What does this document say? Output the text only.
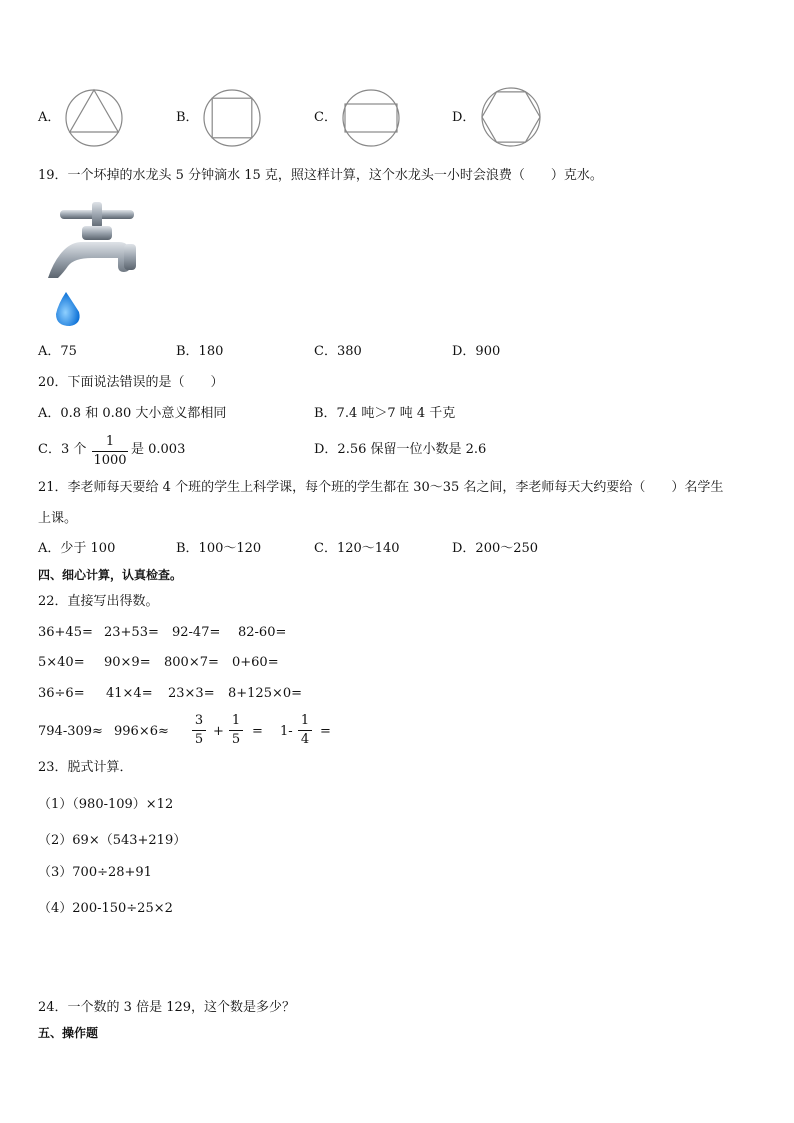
A．	B．	C．	D．
19．一个坏掉的水龙头 5 分钟滴水 15 克，照这样计算，这个水龙头一小时会浪费（　　）克水。
A．75	B．180	C．380	D．900
20．下面说法错误的是（　　）
A．0.8 和 0.80 大小意义都相同	B．7.4 吨＞7 吨 4 千克
C．3 个
1
1000
是 0.003	D．2.56 保留一位小数是 2.6
21．李老师每天要给 4 个班的学生上科学课，每个班的学生都在 30～35 名之间，李老师每天大约要给（　　）名学生
上课。
A．少于 100	B．100～120	C．120～140	D．200～250
四、细心计算，认真检查。
22．直接写出得数。
36+45= 23+53= 92-47= 82-60=
5×40= 90×9= 800×7= 0+60=
36÷6= 41×4= 23×3= 8+125×0=
794-309≈ 996×6≈
3
5
+
1
5
= 1-
1
4
=
23．脱式计算．
（1）（980-109）×12
（2）69×（543+219）
（3）700÷28+91
（4）200-150÷25×2
24．一个数的 3 倍是 129，这个数是多少？
五、操作题
